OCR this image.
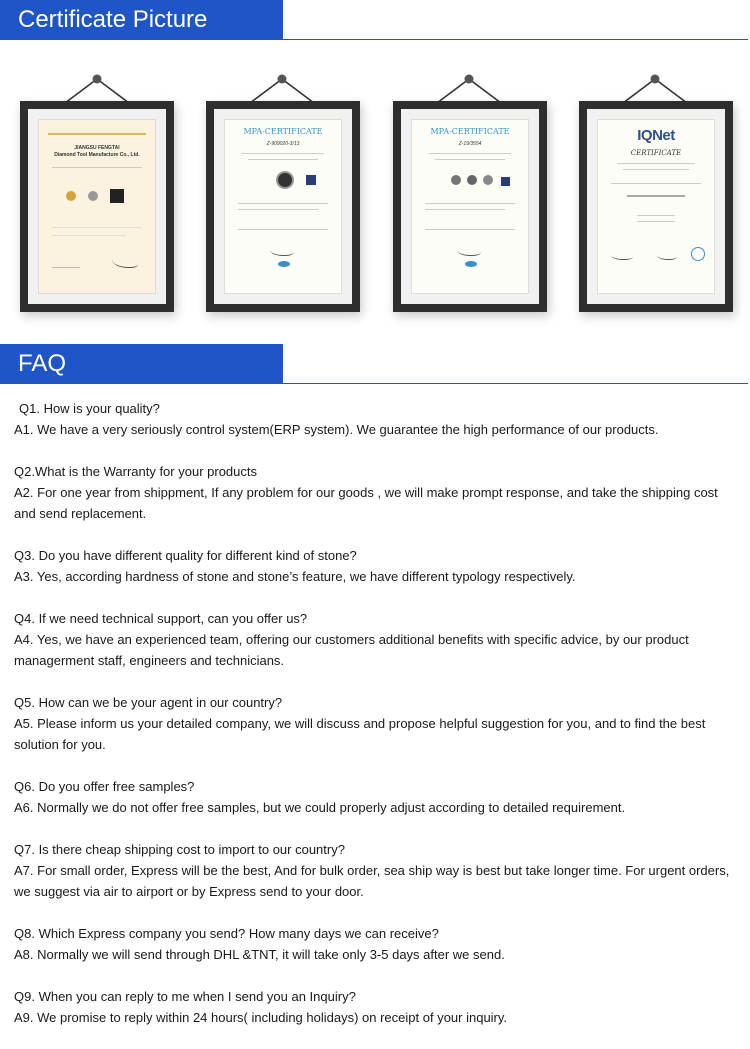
Certificate Picture
JIANGSU FENGTAI
Diamond Tool Manufacture Co., Ltd.
MPA-CERTIFICATE
Z-909020-3/13
MPA-CERTIFICATE
Z-19/3554	IQNet
CERTIFICATE
FAQ

Q1. How is your quality?

A1. We have a very seriously control system(ERP system). We guarantee the high performance of our products.

Q2.What is the Warranty for your products

A2. For one year from shippment, If any problem for our goods , we will make prompt response, and take the shipping cost and send replacement.

Q3. Do you have different quality for different kind of stone?

A3. Yes, according hardness of stone and stone’s feature, we have different typology respectively.

Q4. If we need technical support, can you offer us?

A4. Yes, we have an experienced team, offering our customers additional benefits with specific advice, by our product managerment staff, engineers and technicians.

Q5. How can we be your agent in our country?

A5. Please inform us your detailed company, we will discuss and propose helpful suggestion for you, and to find the best solution for you.

Q6. Do you offer free samples?

A6. Normally we do not offer free samples, but we could properly adjust according to detailed requirement.

Q7. Is there cheap shipping cost to import to our country?

A7. For small order, Express will be the best, And for bulk order, sea ship way is best but take longer time. For urgent orders, we suggest via air to airport or by Express send to your door.

Q8. Which Express company you send? How many days we can receive?

A8. Normally we will send through DHL &TNT, it will take only 3-5 days after we send.

Q9. When you can reply to me when I send you an Inquiry?

A9. We promise to reply within 24 hours( including holidays) on receipt of your inquiry.
